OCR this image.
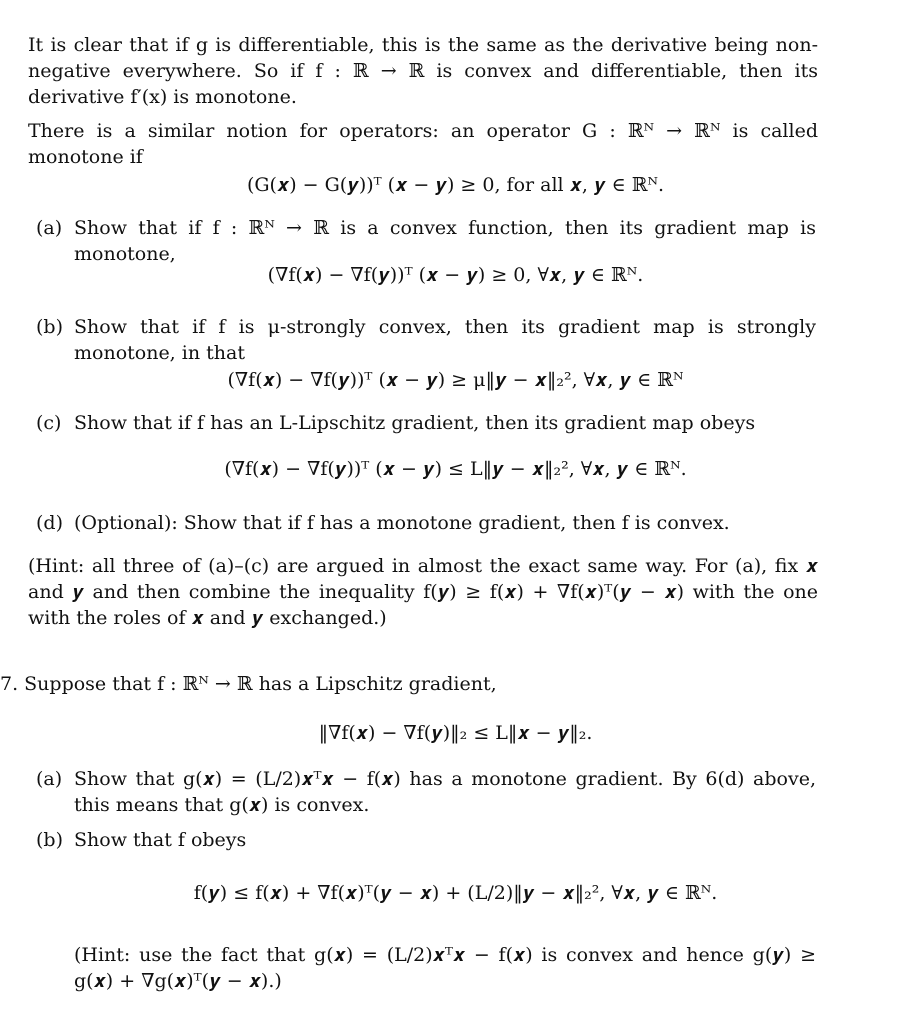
It is clear that if g is differentiable, this is the same as the derivative being non-negative everywhere. So if f : ℝ → ℝ is convex and differentiable, then its derivative f′(x) is monotone.

There is a similar notion for operators: an operator G : ℝᴺ → ℝᴺ is called monotone if

(G(𝒙) − G(𝒚))ᵀ (𝒙 − 𝒚) ≥ 0, for all 𝒙, 𝒚 ∈ ℝᴺ.

(a) Show that if f : ℝᴺ → ℝ is a convex function, then its gradient map is monotone,

(∇f(𝒙) − ∇f(𝒚))ᵀ (𝒙 − 𝒚) ≥ 0, ∀𝒙, 𝒚 ∈ ℝᴺ.

(b) Show that if f is μ-strongly convex, then its gradient map is strongly monotone, in that

(∇f(𝒙) − ∇f(𝒚))ᵀ (𝒙 − 𝒚) ≥ μ‖𝒚 − 𝒙‖₂², ∀𝒙, 𝒚 ∈ ℝᴺ

(c) Show that if f has an L-Lipschitz gradient, then its gradient map obeys

(∇f(𝒙) − ∇f(𝒚))ᵀ (𝒙 − 𝒚) ≤ L‖𝒚 − 𝒙‖₂², ∀𝒙, 𝒚 ∈ ℝᴺ.

(d) (Optional): Show that if f has a monotone gradient, then f is convex.

(Hint: all three of (a)–(c) are argued in almost the exact same way. For (a), fix 𝒙 and 𝒚 and then combine the inequality f(𝒚) ≥ f(𝒙) + ∇f(𝒙)ᵀ(𝒚 − 𝒙) with the one with the roles of 𝒙 and 𝒚 exchanged.)

7. Suppose that f : ℝᴺ → ℝ has a Lipschitz gradient,

‖∇f(𝒙) − ∇f(𝒚)‖₂ ≤ L‖𝒙 − 𝒚‖₂.

(a) Show that g(𝒙) = (L/2)𝒙ᵀ𝒙 − f(𝒙) has a monotone gradient. By 6(d) above, this means that g(𝒙) is convex.
(b) Show that f obeys

f(𝒚) ≤ f(𝒙) + ∇f(𝒙)ᵀ(𝒚 − 𝒙) + (L/2)‖𝒚 − 𝒙‖₂², ∀𝒙, 𝒚 ∈ ℝᴺ.

(Hint: use the fact that g(𝒙) = (L/2)𝒙ᵀ𝒙 − f(𝒙) is convex and hence g(𝒚) ≥ g(𝒙) + ∇g(𝒙)ᵀ(𝒚 − 𝒙).)
